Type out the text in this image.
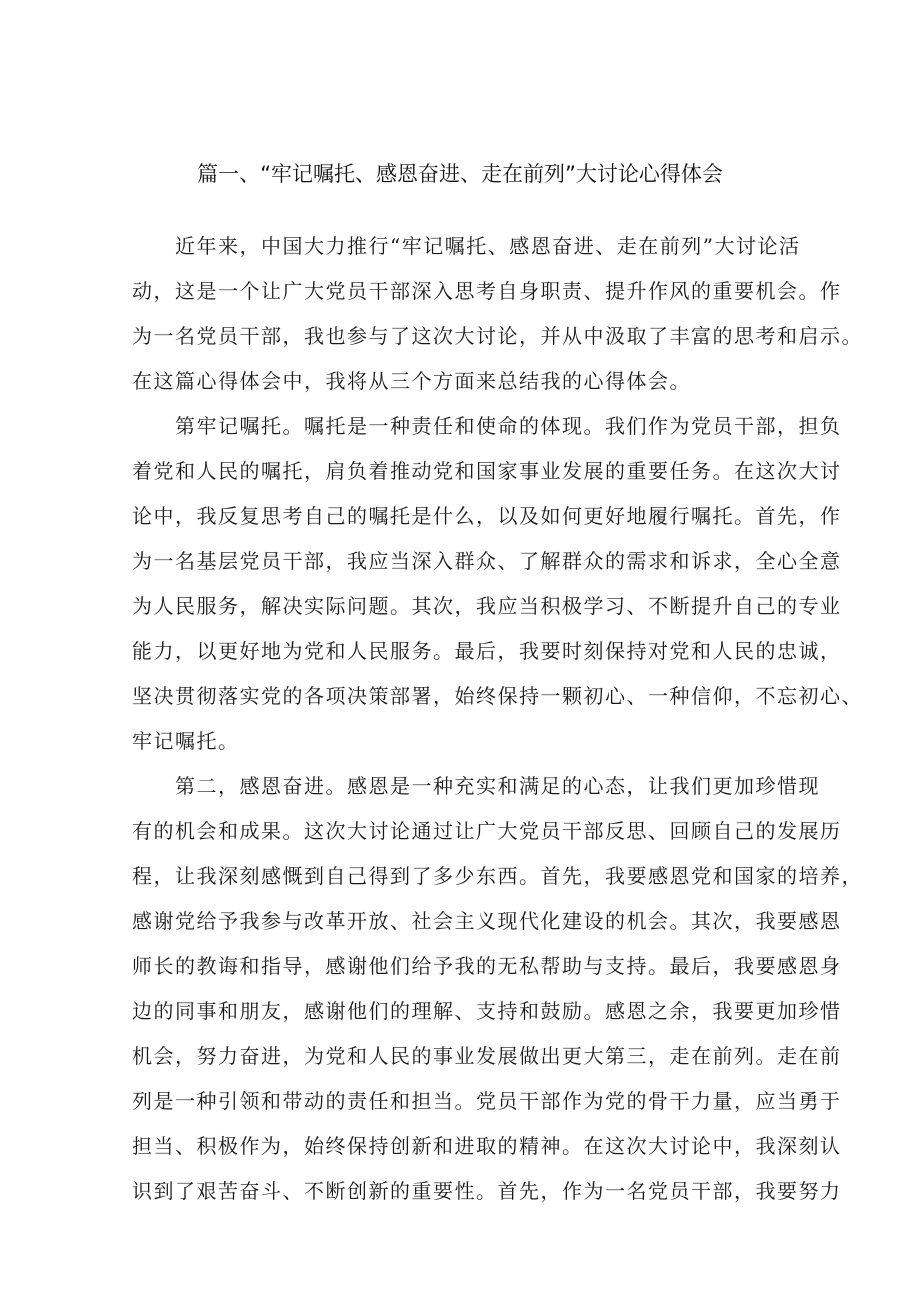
篇一、“牢记嘱托、感恩奋进、走在前列”大讨论心得体会
　　近年来，中国大力推行“牢记嘱托、感恩奋进、走在前列”大讨论活
动，这是一个让广大党员干部深入思考自身职责、提升作风的重要机会。作
为一名党员干部，我也参与了这次大讨论，并从中汲取了丰富的思考和启示。
在这篇心得体会中，我将从三个方面来总结我的心得体会。
　　第牢记嘱托。嘱托是一种责任和使命的体现。我们作为党员干部，担负
着党和人民的嘱托，肩负着推动党和国家事业发展的重要任务。在这次大讨
论中，我反复思考自己的嘱托是什么，以及如何更好地履行嘱托。首先，作
为一名基层党员干部，我应当深入群众、了解群众的需求和诉求，全心全意
为人民服务，解决实际问题。其次，我应当积极学习、不断提升自己的专业
能力，以更好地为党和人民服务。最后，我要时刻保持对党和人民的忠诚，
坚决贯彻落实党的各项决策部署，始终保持一颗初心、一种信仰，不忘初心、
牢记嘱托。
　　第二，感恩奋进。感恩是一种充实和满足的心态，让我们更加珍惜现
有的机会和成果。这次大讨论通过让广大党员干部反思、回顾自己的发展历
程，让我深刻感慨到自己得到了多少东西。首先，我要感恩党和国家的培养，
感谢党给予我参与改革开放、社会主义现代化建设的机会。其次，我要感恩
师长的教诲和指导，感谢他们给予我的无私帮助与支持。最后，我要感恩身
边的同事和朋友，感谢他们的理解、支持和鼓励。感恩之余，我要更加珍惜
机会，努力奋进，为党和人民的事业发展做出更大第三，走在前列。走在前
列是一种引领和带动的责任和担当。党员干部作为党的骨干力量，应当勇于
担当、积极作为，始终保持创新和进取的精神。在这次大讨论中，我深刻认
识到了艰苦奋斗、不断创新的重要性。首先，作为一名党员干部，我要努力
